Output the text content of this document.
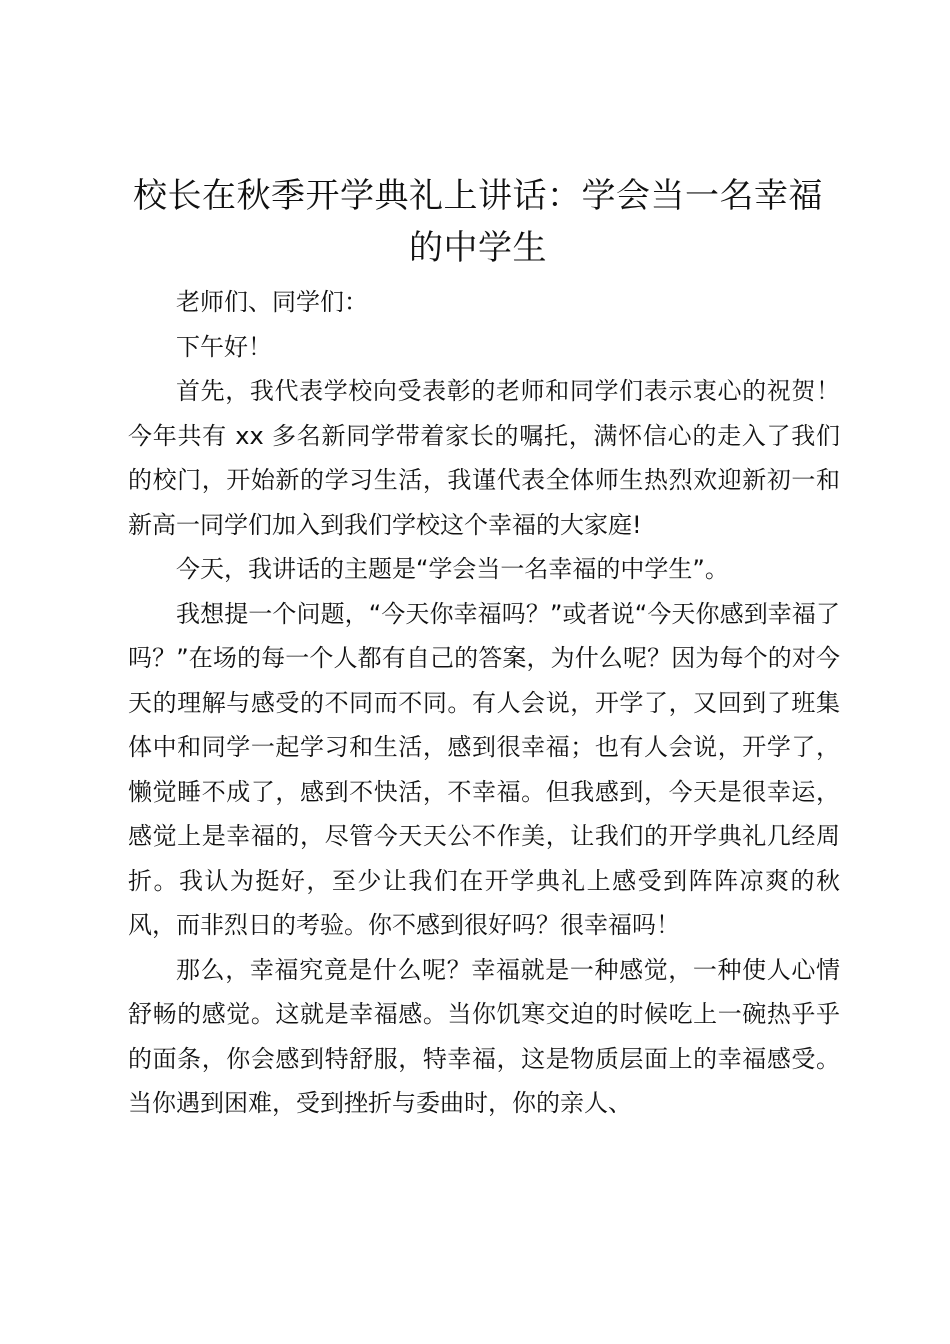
校长在秋季开学典礼上讲话：学会当一名幸福的中学生

老师们、同学们：

下午好！

首先，我代表学校向受表彰的老师和同学们表示衷心的祝贺！今年共有 xx 多名新同学带着家长的嘱托，满怀信心的走入了我们的校门，开始新的学习生活，我谨代表全体师生热烈欢迎新初一和新高一同学们加入到我们学校这个幸福的大家庭!

今天，我讲话的主题是“学会当一名幸福的中学生”。

我想提一个问题，“今天你幸福吗？”或者说“今天你感到幸福了吗？”在场的每一个人都有自己的答案，为什么呢？因为每个的对今天的理解与感受的不同而不同。有人会说，开学了，又回到了班集体中和同学一起学习和生活，感到很幸福；也有人会说，开学了，懒觉睡不成了，感到不快活，不幸福。但我感到，今天是很幸运，感觉上是幸福的，尽管今天天公不作美，让我们的开学典礼几经周折。我认为挺好，至少让我们在开学典礼上感受到阵阵凉爽的秋风，而非烈日的考验。你不感到很好吗？很幸福吗！

那么，幸福究竟是什么呢？幸福就是一种感觉，一种使人心情舒畅的感觉。这就是幸福感。当你饥寒交迫的时候吃上一碗热乎乎的面条，你会感到特舒服，特幸福，这是物质层面上的幸福感受。当你遇到困难，受到挫折与委曲时，你的亲人、
